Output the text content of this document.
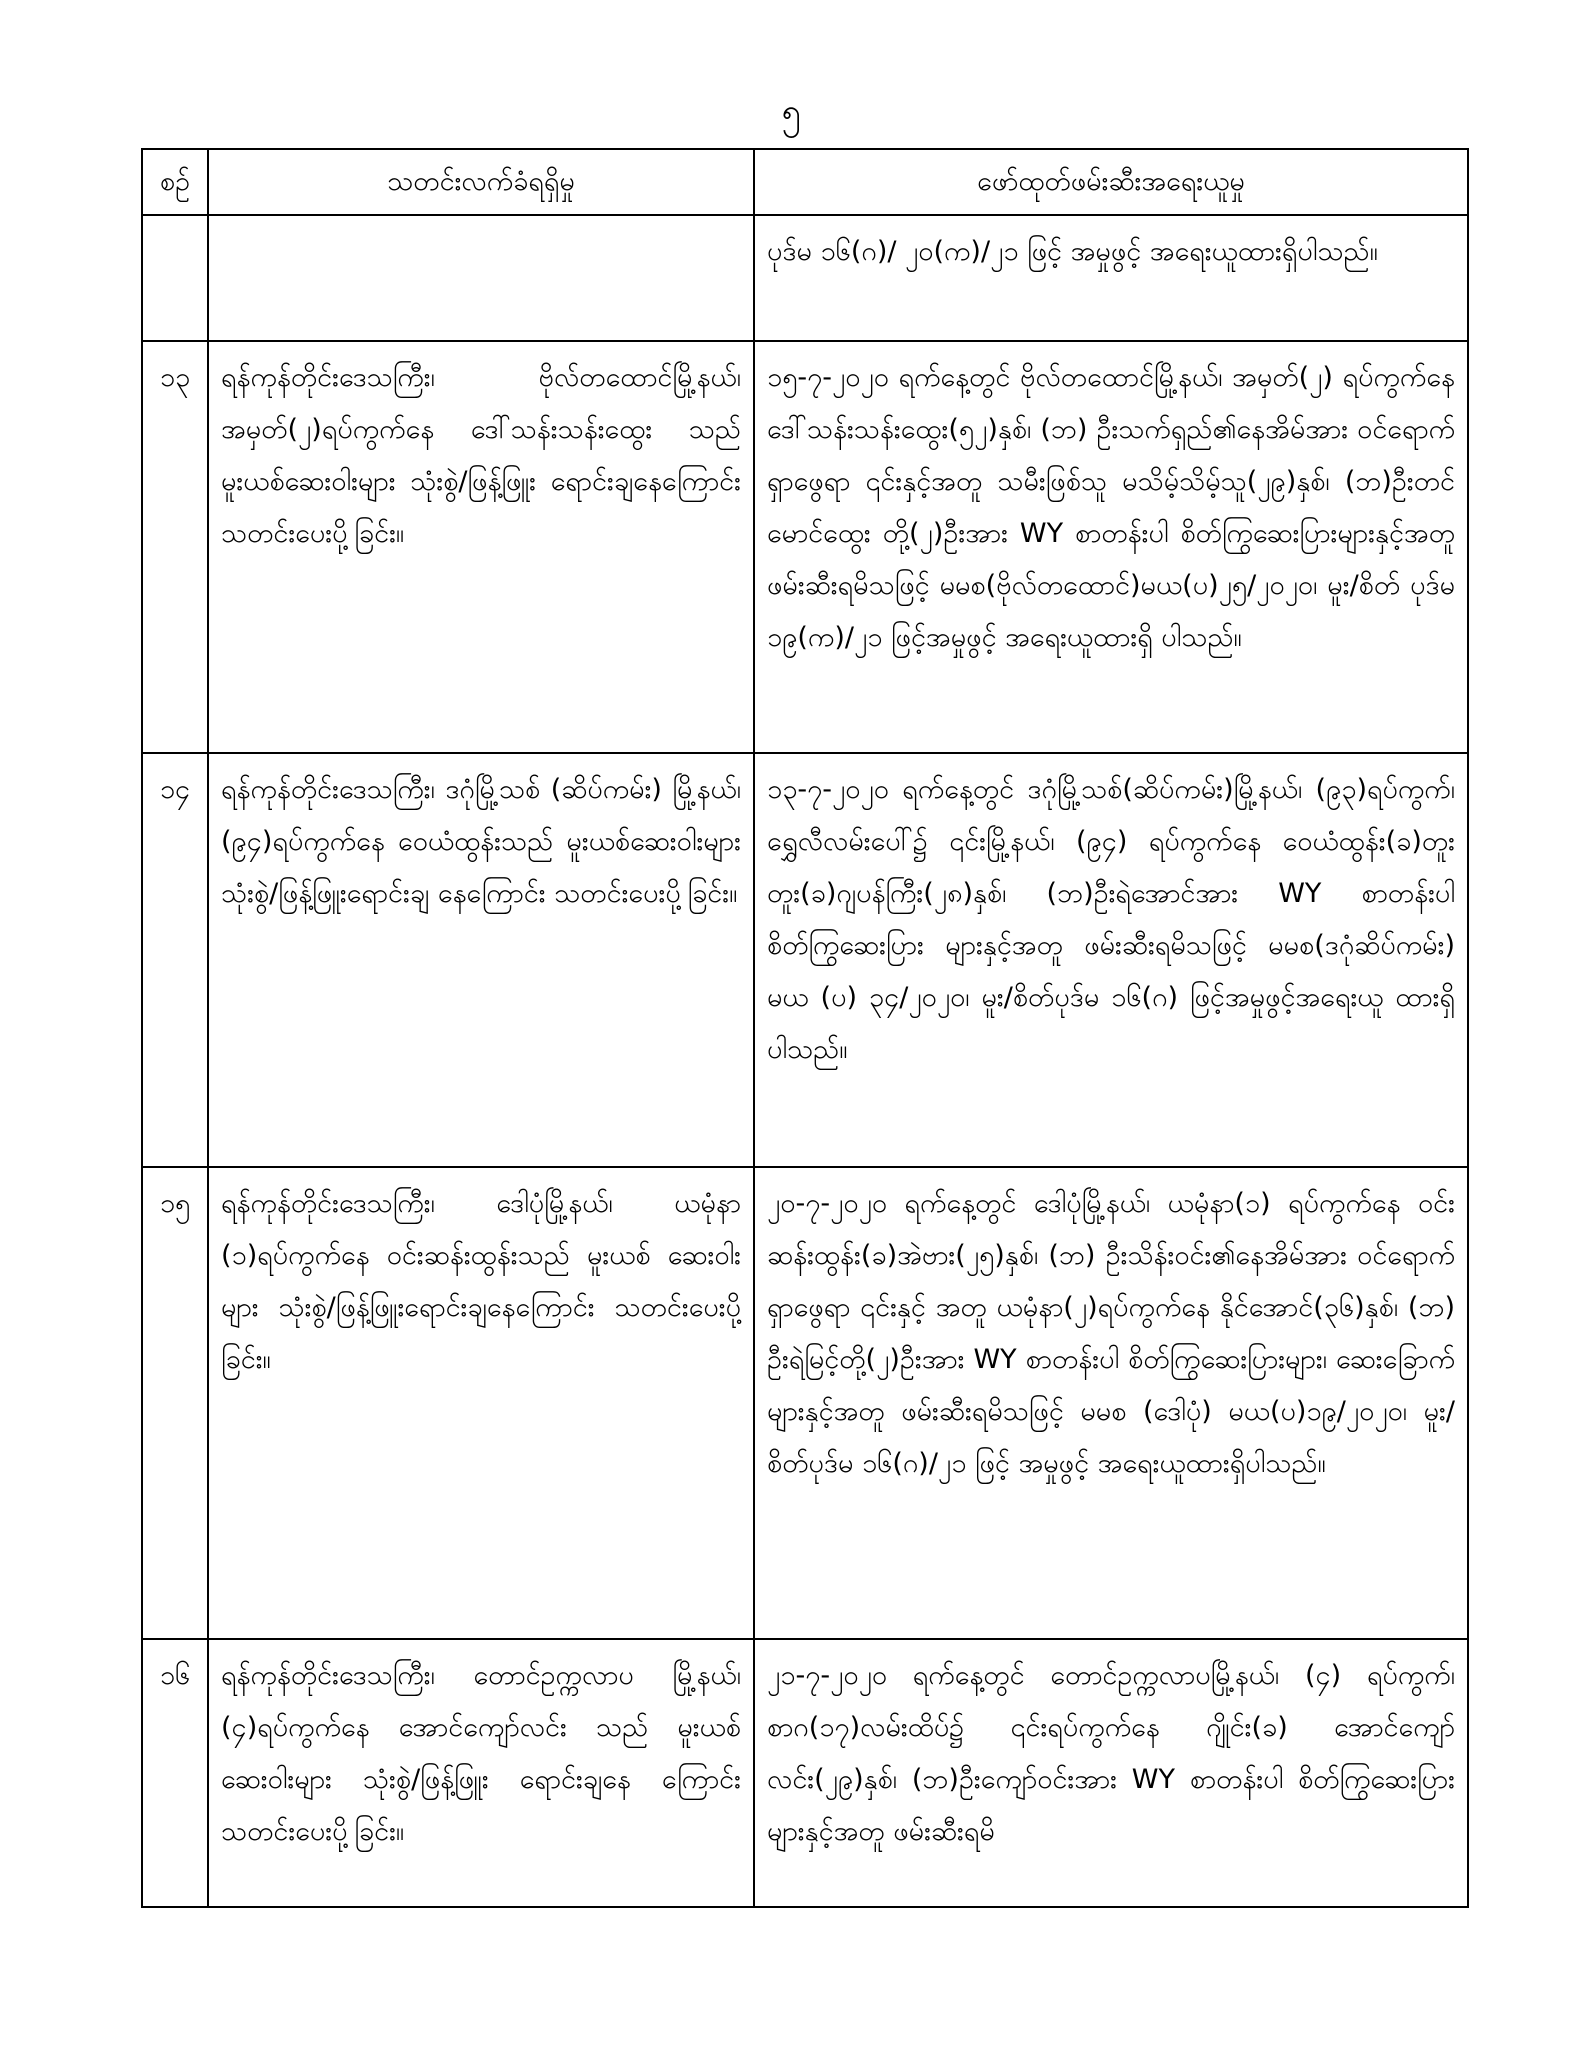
၅
စဉ်	သတင်းလက်ခံရရှိမှု	ဖော်ထုတ်ဖမ်းဆီးအရေးယူမှု
		ပုဒ်မ ၁၆(ဂ)/ ၂၀(က)/၂၁ ဖြင့် အမှုဖွင့် အရေးယူထားရှိပါသည်။
၁၃	ရန်ကုန်တိုင်းဒေသကြီး၊ ဗိုလ်တထောင်မြို့နယ်၊ အမှတ်(၂)ရပ်ကွက်နေ ဒေါ်သန်းသန်းထွေး သည် မူးယစ်ဆေးဝါးများ သုံးစွဲ/ဖြန့်ဖြူး ရောင်းချနေကြောင်း သတင်းပေးပို့ခြင်း။	၁၅-၇-၂၀၂၀ ရက်နေ့တွင် ဗိုလ်တထောင်မြို့နယ်၊ အမှတ်(၂) ရပ်ကွက်နေ ဒေါ်သန်းသန်းထွေး(၅၂)နှစ်၊ (ဘ) ဦးသက်ရှည်၏နေအိမ်အား ဝင်ရောက်ရှာဖွေရာ ၎င်းနှင့်အတူ သမီးဖြစ်သူ မသိမ့်သိမ့်သူ(၂၉)နှစ်၊ (ဘ)ဦးတင်မောင်ထွေး တို့(၂)ဦးအား WY စာတန်းပါ စိတ်ကြွဆေးပြားများနှင့်အတူ ဖမ်းဆီးရမိသဖြင့် မမစ(ဗိုလ်တထောင်)မယ(ပ)၂၅/၂၀၂၀၊ မူး/စိတ် ပုဒ်မ ၁၉(က)/၂၁ ဖြင့်အမှုဖွင့် အရေးယူထားရှိ ပါသည်။
၁၄	ရန်ကုန်တိုင်းဒေသကြီး၊ ဒဂုံမြို့သစ် (ဆိပ်ကမ်း) မြို့နယ်၊ (၉၄)ရပ်ကွက်နေ ဝေယံထွန်းသည် မူးယစ်ဆေးဝါးများ သုံးစွဲ/ဖြန့်ဖြူးရောင်းချ နေကြောင်း သတင်းပေးပို့ခြင်း။	၁၃-၇-၂၀၂၀ ရက်နေ့တွင် ဒဂုံမြို့သစ်(ဆိပ်ကမ်း)မြို့နယ်၊ (၉၃)ရပ်ကွက်၊ ရွှေလီလမ်းပေါ်၌ ၎င်းမြို့နယ်၊ (၉၄) ရပ်ကွက်နေ ဝေယံထွန်း(ခ)တူးတူး(ခ)ဂျပန်ကြီး(၂၈)နှစ်၊ (ဘ)ဦးရဲအောင်အား WY စာတန်းပါစိတ်ကြွဆေးပြား များနှင့်အတူ ဖမ်းဆီးရမိသဖြင့် မမစ(ဒဂုံဆိပ်ကမ်း) မယ (ပ) ၃၄/၂၀၂၀၊ မူး/စိတ်ပုဒ်မ ၁၆(ဂ) ဖြင့်အမှုဖွင့်အရေးယူ ထားရှိပါသည်။
၁၅	ရန်ကုန်တိုင်းဒေသကြီး၊ ဒေါပုံမြို့နယ်၊ ယမုံနာ (၁)ရပ်ကွက်နေ ဝင်းဆန်းထွန်းသည် မူးယစ် ဆေးဝါးများ သုံးစွဲ/ဖြန့်ဖြူးရောင်းချနေကြောင်း သတင်းပေးပို့ခြင်း။	၂၀-၇-၂၀၂၀ ရက်နေ့တွင် ဒေါပုံမြို့နယ်၊ ယမုံနာ(၁) ရပ်ကွက်နေ ဝင်းဆန်းထွန်း(ခ)အဲဗား(၂၅)နှစ်၊ (ဘ) ဦးသိန်းဝင်း၏နေအိမ်အား ဝင်ရောက်ရှာဖွေရာ ၎င်းနှင့် အတူ ယမုံနာ(၂)ရပ်ကွက်နေ နိုင်အောင်(၃၆)နှစ်၊ (ဘ) ဦးရဲမြင့်တို့(၂)ဦးအား WY စာတန်းပါ စိတ်ကြွဆေးပြားများ၊ ဆေးခြောက်များနှင့်အတူ ဖမ်းဆီးရမိသဖြင့် မမစ (ဒေါပုံ) မယ(ပ)၁၉/၂၀၂၀၊ မူး/စိတ်ပုဒ်မ ၁၆(ဂ)/၂၁ ဖြင့် အမှုဖွင့် အရေးယူထားရှိပါသည်။
၁၆	ရန်ကုန်တိုင်းဒေသကြီး၊ တောင်ဥက္ကလာပ မြို့နယ်၊ (၄)ရပ်ကွက်နေ အောင်ကျော်လင်း သည် မူးယစ်ဆေးဝါးများ သုံးစွဲ/ဖြန့်ဖြူး ရောင်းချနေ ကြောင်း သတင်းပေးပို့ခြင်း။	၂၁-၇-၂၀၂၀ ရက်နေ့တွင် တောင်ဥက္ကလာပမြို့နယ်၊ (၄) ရပ်ကွက်၊ စာဂ(၁၇)လမ်းထိပ်၌ ၎င်းရပ်ကွက်နေ ဂျိုင်း(ခ) အောင်ကျော်လင်း(၂၉)နှစ်၊ (ဘ)ဦးကျော်ဝင်းအား WY စာတန်းပါ စိတ်ကြွဆေးပြားများနှင့်အတူ ဖမ်းဆီးရမိ
